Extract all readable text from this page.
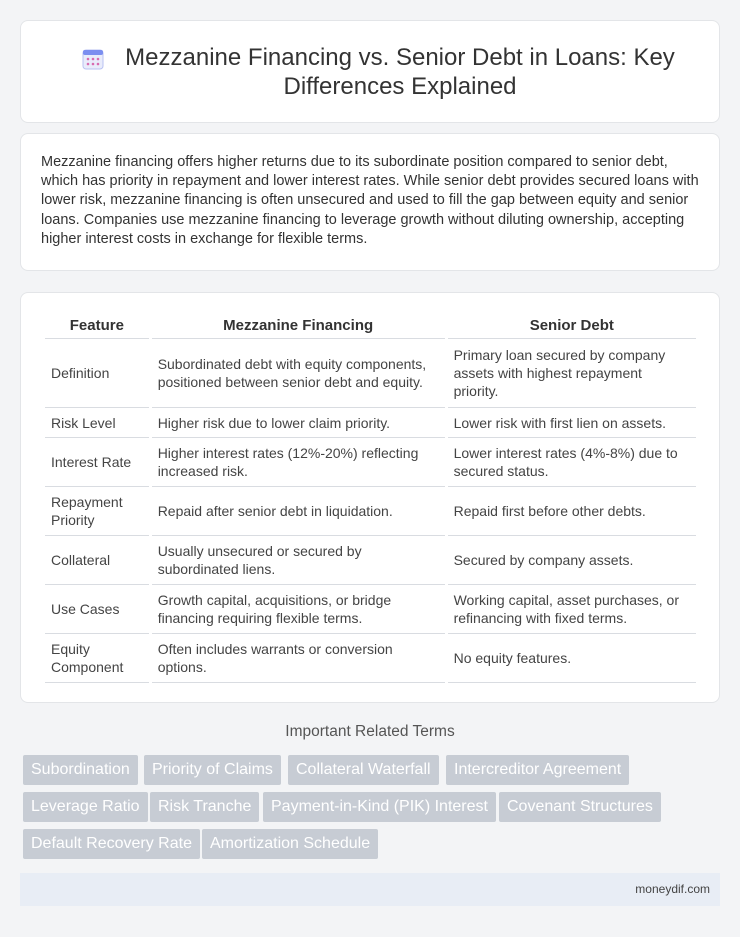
Mezzanine Financing vs. Senior Debt in Loans: Key Differences Explained

Mezzanine financing offers higher returns due to its subordinate position compared to senior debt, which has priority in repayment and lower interest rates. While senior debt provides secured loans with lower risk, mezzanine financing is often unsecured and used to fill the gap between equity and senior loans. Companies use mezzanine financing to leverage growth without diluting ownership, accepting higher interest costs in exchange for flexible terms.

Feature	Mezzanine Financing	Senior Debt
Definition	Subordinated debt with equity components, positioned between senior debt and equity.	Primary loan secured by company assets with highest repayment priority.
Risk Level	Higher risk due to lower claim priority.	Lower risk with first lien on assets.
Interest Rate	Higher interest rates (12%-20%) reflecting increased risk.	Lower interest rates (4%-8%) due to secured status.
Repayment Priority	Repaid after senior debt in liquidation.	Repaid first before other debts.
Collateral	Usually unsecured or secured by subordinated liens.	Secured by company assets.
Use Cases	Growth capital, acquisitions, or bridge financing requiring flexible terms.	Working capital, asset purchases, or refinancing with fixed terms.
Equity Component	Often includes warrants or conversion options.	No equity features.
Important Related Terms
Subordination	Priority of Claims	Collateral Waterfall	Intercreditor Agreement
Leverage Ratio	Risk Tranche	Payment-in-Kind (PIK) Interest	Covenant Structures
Default Recovery Rate	Amortization Schedule
moneydif.com
